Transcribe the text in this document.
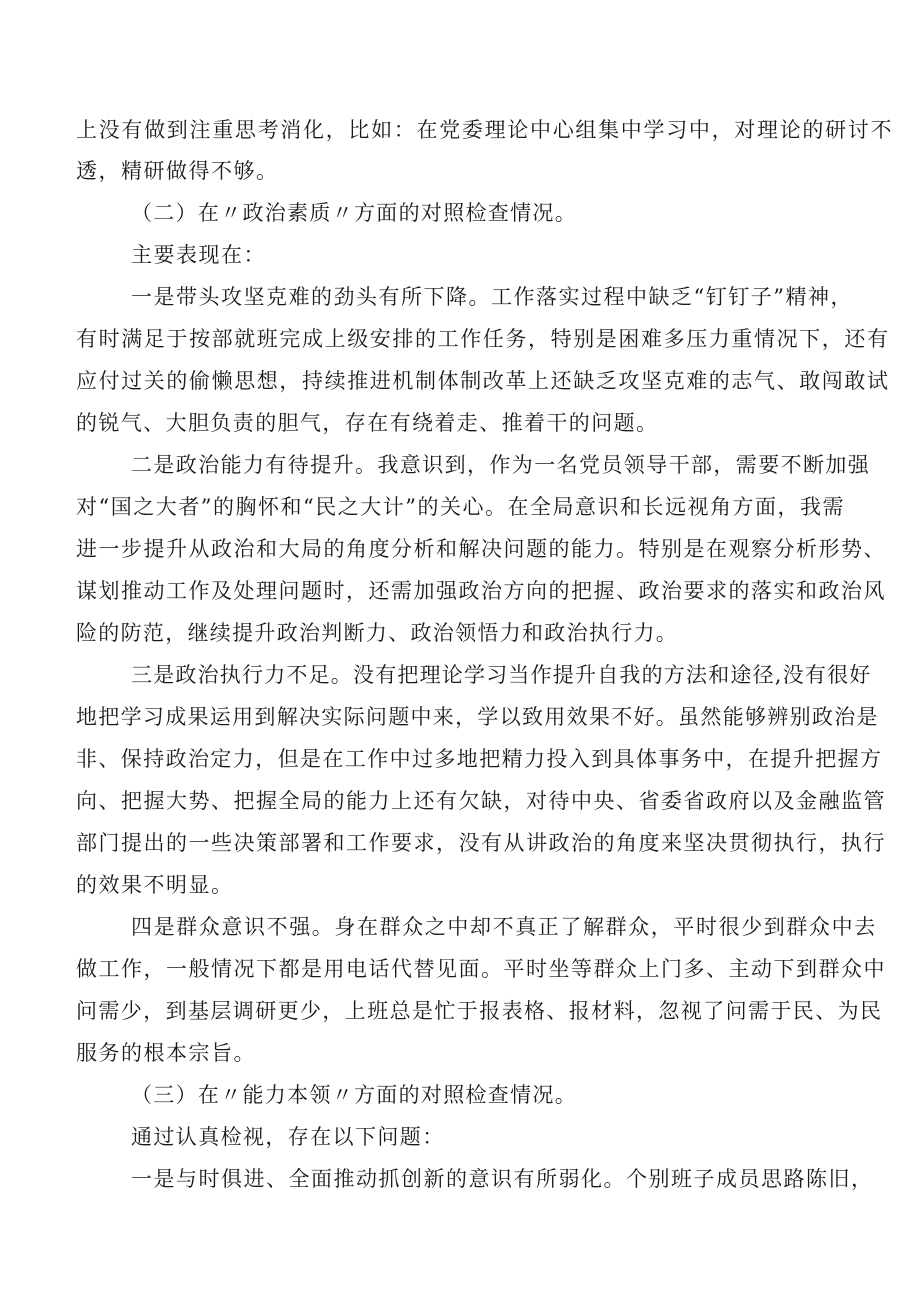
上没有做到注重思考消化，比如：在党委理论中心组集中学习中，对理论的研讨不
透，精研做得不够。
（二）在〃政治素质〃方面的对照检查情况。
主要表现在：
一是带头攻坚克难的劲头有所下降。工作落实过程中缺乏“钉钉子”精神，
有时满足于按部就班完成上级安排的工作任务，特别是困难多压力重情况下，还有
应付过关的偷懒思想，持续推进机制体制改革上还缺乏攻坚克难的志气、敢闯敢试
的锐气、大胆负责的胆气，存在有绕着走、推着干的问题。
二是政治能力有待提升。我意识到，作为一名党员领导干部，需要不断加强
对“国之大者”的胸怀和“民之大计”的关心。在全局意识和长远视角方面，我需
进一步提升从政治和大局的角度分析和解决问题的能力。特别是在观察分析形势、
谋划推动工作及处理问题时，还需加强政治方向的把握、政治要求的落实和政治风
险的防范，继续提升政治判断力、政治领悟力和政治执行力。
三是政治执行力不足。没有把理论学习当作提升自我的方法和途径,没有很好
地把学习成果运用到解决实际问题中来，学以致用效果不好。虽然能够辨别政治是
非、保持政治定力，但是在工作中过多地把精力投入到具体事务中，在提升把握方
向、把握大势、把握全局的能力上还有欠缺，对待中央、省委省政府以及金融监管
部门提出的一些决策部署和工作要求，没有从讲政治的角度来坚决贯彻执行，执行
的效果不明显。
四是群众意识不强。身在群众之中却不真正了解群众，平时很少到群众中去
做工作，一般情况下都是用电话代替见面。平时坐等群众上门多、主动下到群众中
问需少，到基层调研更少，上班总是忙于报表格、报材料，忽视了问需于民、为民
服务的根本宗旨。
（三）在〃能力本领〃方面的对照检查情况。
通过认真检视，存在以下问题：
一是与时俱进、全面推动抓创新的意识有所弱化。个别班子成员思路陈旧，
